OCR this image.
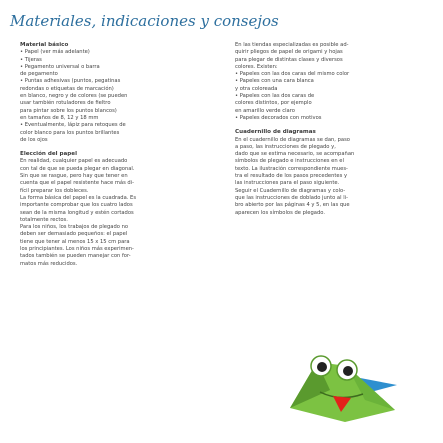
Materiales, indicaciones y consejos

Material básico

• Papel (ver más adelante)

• Tijeras

• Pegamento universal o barra

de pegamento

• Puntas adhesivas (puntos, pegatinas

redondas o etiquetas de marcación)

en blanco, negro y de colores (se pueden

usar también rotuladores de fieltro

para pintar sobre los puntos blancos)

en tamaños de 8, 12 y 18 mm

• Eventualmente, lápiz para retoques de

color blanco para los puntos brillantes

de los ojos

Elección del papel

En realidad, cualquier papel es adecuado

con tal de que se pueda plegar en diagonal.

Sin que se rasgue, pero hay que tener en

cuenta que el papel resistente hace más di-

fícil preparar los dobleces.

La forma básica del papel es la cuadrada. Es

importante comprobar que los cuatro lados

sean de la misma longitud y estén cortados

totalmente rectos.

Para los niños, los trabajos de plegado no

deben ser demasiado pequeños: el papel

tiene que tener al menos 15 x 15 cm para

los principiantes. Los niños más experimen-

tados también se pueden manejar con for-

matos más reducidos.

En las tiendas especializadas es posible ad-

quirir pliegos de papel de origami y hojas

para plegar de distintas clases y diversos

colores. Existen:

• Papeles con las dos caras del mismo color

• Papeles con una cara blanca

y otra coloreada

• Papeles con las dos caras de

colores distintos, por ejemplo

en amarillo verde claro

• Papeles decorados con motivos

Cuadernillo de diagramas

En el cuadernillo de diagramas se dan, paso

a paso, las instrucciones de plegado y,

dado que se estima necesario, se acompañan

símbolos de plegado e instrucciones en el

texto. La ilustración correspondiente mues-

tra el resultado de los pasos precedentes y

las instrucciones para el paso siguiente.

Seguir el Cuadernillo de diagramas y colo-

que las instrucciones de doblado junto al li-

bro abierto por las páginas 4 y 5, en las que

aparecen los símbolos de plegado.
